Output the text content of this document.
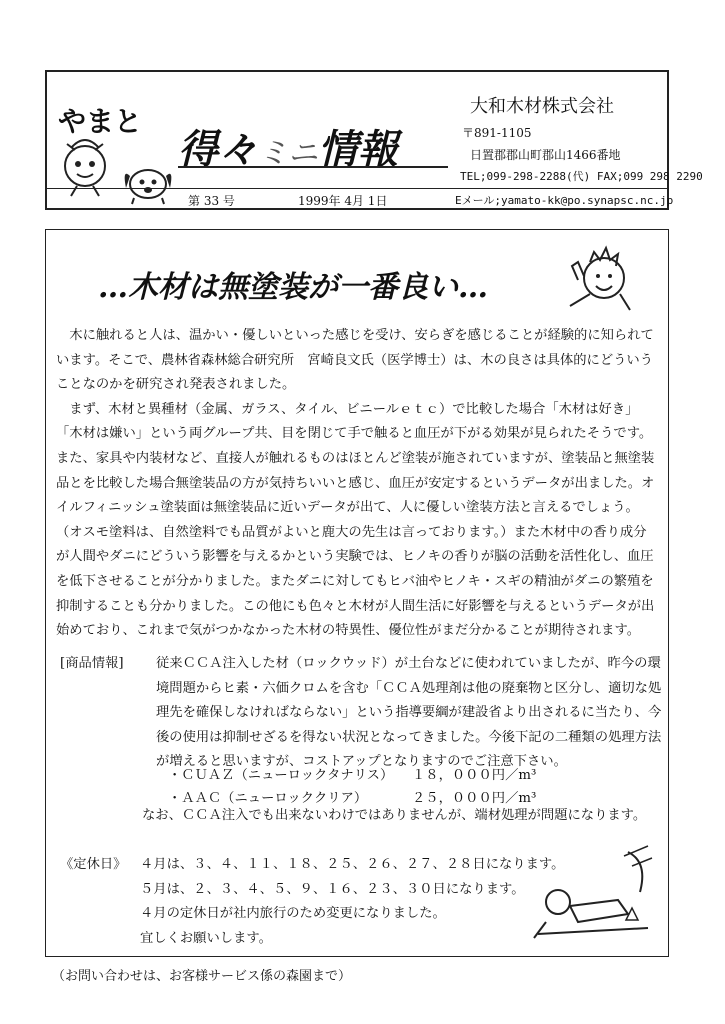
やまと
得々ミニ情報
大和木材株式会社
〒891-1105
日置郡郡山町郡山1466番地
TEL;099-298-2288(代) FAX;099 298 2290
Eメール;yamato-kk@po.synapsc.nc.jp
第 33 号	1999年 4月 1日
…木材は無塗装が一番良い…

木に触れると人は、温かい・優しいといった感じを受け、安らぎを感じることが経験的に知られています。そこで、農林省森林総合研究所　宮崎良文氏（医学博士）は、木の良さは具体的にどういうことなのかを研究され発表されました。

まず、木材と異種材（金属、ガラス、タイル、ビニールｅｔｃ）で比較した場合「木材は好き」「木材は嫌い」という両グループ共、目を閉じて手で触ると血圧が下がる効果が見られたそうです。また、家具や内装材など、直接人が触れるものはほとんど塗装が施されていますが、塗装品と無塗装品とを比較した場合無塗装品の方が気持ちいいと感じ、血圧が安定するというデータが出ました。オイルフィニッシュ塗装面は無塗装品に近いデータが出て、人に優しい塗装方法と言えるでしょう。（オスモ塗料は、自然塗料でも品質がよいと鹿大の先生は言っております。）また木材中の香り成分が人間やダニにどういう影響を与えるかという実験では、ヒノキの香りが脳の活動を活性化し、血圧を低下させることが分かりました。またダニに対してもヒバ油やヒノキ・スギの精油がダニの繁殖を抑制することも分かりました。この他にも色々と木材が人間生活に好影響を与えるというデータが出始めており、これまで気がつかなかった木材の特異性、優位性がまだ分かることが期待されます。

[商品情報] 従来ＣＣＡ注入した材（ロックウッド）が土台などに使われていましたが、昨今の環境問題からヒ素・六価クロムを含む「ＣＣＡ処理剤は他の廃棄物と区分し、適切な処理先を確保しなければならない」という指導要綱が建設省より出されるに当たり、今後の使用は抑制せざるを得ない状況となってきました。今後下記の二種類の処理方法が増えると思いますが、コストアップとなりますのでご注意下さい。
・ＣＵＡＺ（ニューロックタナリス） １８，０００円／m³
・ＡＡＣ（ニューロッククリア）	２５，０００円／m³
なお、ＣＣＡ注入でも出来ないわけではありませんが、端材処理が問題になります。
《定休日》 ４月は、３、４、１１、１８、２５、２６、２７、２８日になります。
５月は、２、３、４、５、９、１６、２３、３０日になります。
４月の定休日が社内旅行のため変更になりました。
宜しくお願いします。
（お問い合わせは、お客様サービス係の森園まで）
